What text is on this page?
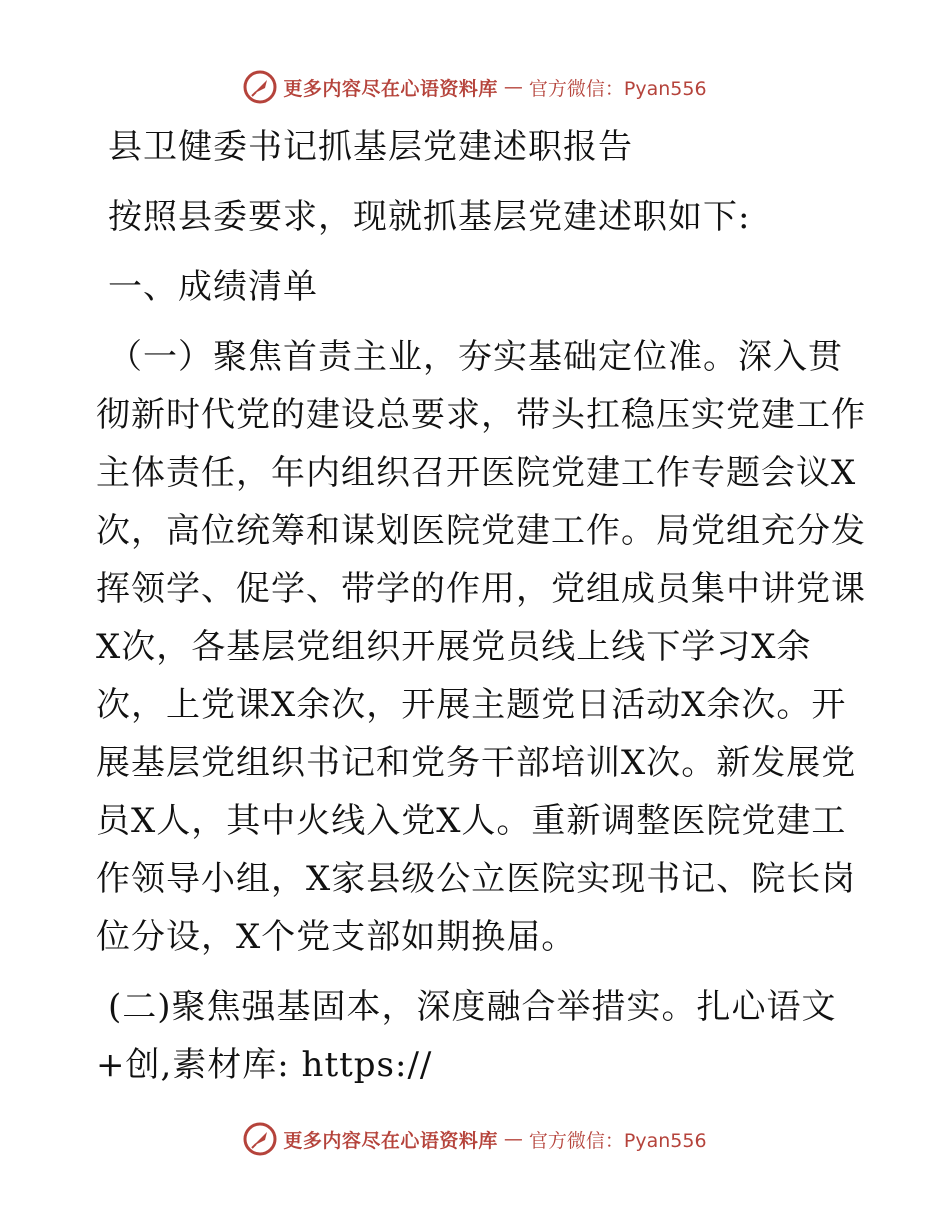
更多内容尽在心语资料库 — 官方微信：Pyan556

县卫健委书记抓基层党建述职报告

按照县委要求，现就抓基层党建述职如下:

一、成绩清单

（一）聚焦首责主业，夯实基础定位准。深入贯

彻新时代党的建设总要求，带头扛稳压实党建工作

主体责任，年内组织召开医院党建工作专题会议X

次，高位统筹和谋划医院党建工作。局党组充分发

挥领学、促学、带学的作用，党组成员集中讲党课

X次，各基层党组织开展党员线上线下学习X余

次，上党课X余次，开展主题党日活动X余次。开

展基层党组织书记和党务干部培训X次。新发展党

员X人，其中火线入党X人。重新调整医院党建工

作领导小组，X家县级公立医院实现书记、院长岗

位分设，X个党支部如期换届。

(二)聚焦强基固本，深度融合举措实。扎心语文

+创,素材库: https://

更多内容尽在心语资料库 — 官方微信：Pyan556
